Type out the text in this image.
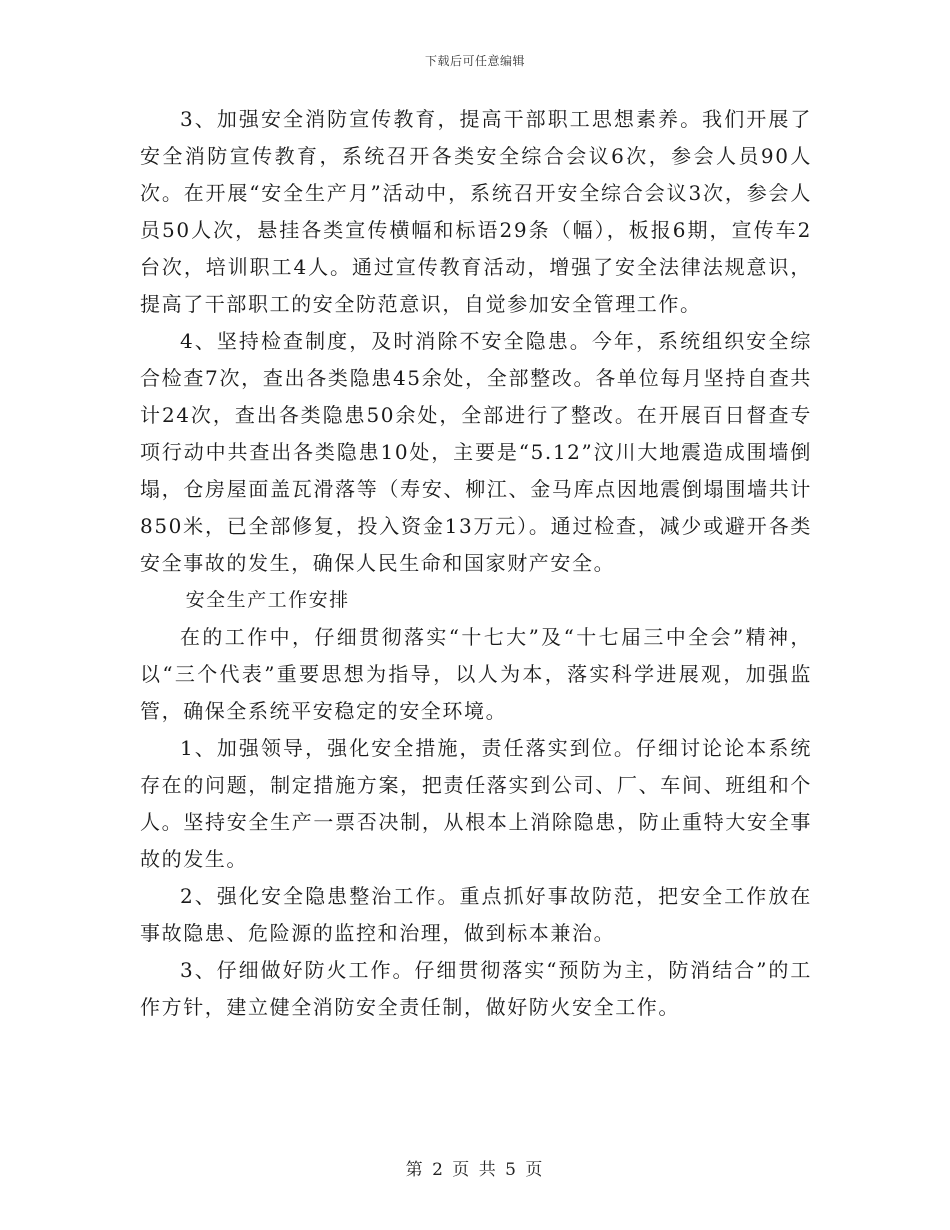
下载后可任意编辑

3、加强安全消防宣传教育，提高干部职工思想素养。我们开展了安全消防宣传教育，系统召开各类安全综合会议6次，参会人员90人次。在开展“安全生产月”活动中，系统召开安全综合会议3次，参会人员50人次，悬挂各类宣传横幅和标语29条（幅），板报6期，宣传车2台次，培训职工4人。通过宣传教育活动，增强了安全法律法规意识，提高了干部职工的安全防范意识，自觉参加安全管理工作。

4、坚持检查制度，及时消除不安全隐患。今年，系统组织安全综合检查7次，查出各类隐患45余处，全部整改。各单位每月坚持自查共计24次，查出各类隐患50余处，全部进行了整改。在开展百日督查专项行动中共查出各类隐患10处，主要是“5.12”汶川大地震造成围墙倒塌，仓房屋面盖瓦滑落等（寿安、柳江、金马库点因地震倒塌围墙共计850米，已全部修复，投入资金13万元）。通过检查，减少或避开各类安全事故的发生，确保人民生命和国家财产安全。

安全生产工作安排

在的工作中，仔细贯彻落实“十七大”及“十七届三中全会”精神，以“三个代表”重要思想为指导，以人为本，落实科学进展观，加强监管，确保全系统平安稳定的安全环境。

1、加强领导，强化安全措施，责任落实到位。仔细讨论论本系统存在的问题，制定措施方案，把责任落实到公司、厂、车间、班组和个人。坚持安全生产一票否决制，从根本上消除隐患，防止重特大安全事故的发生。

2、强化安全隐患整治工作。重点抓好事故防范，把安全工作放在事故隐患、危险源的监控和治理，做到标本兼治。

3、仔细做好防火工作。仔细贯彻落实“预防为主，防消结合”的工作方针，建立健全消防安全责任制，做好防火安全工作。

第 2 页 共 5 页
